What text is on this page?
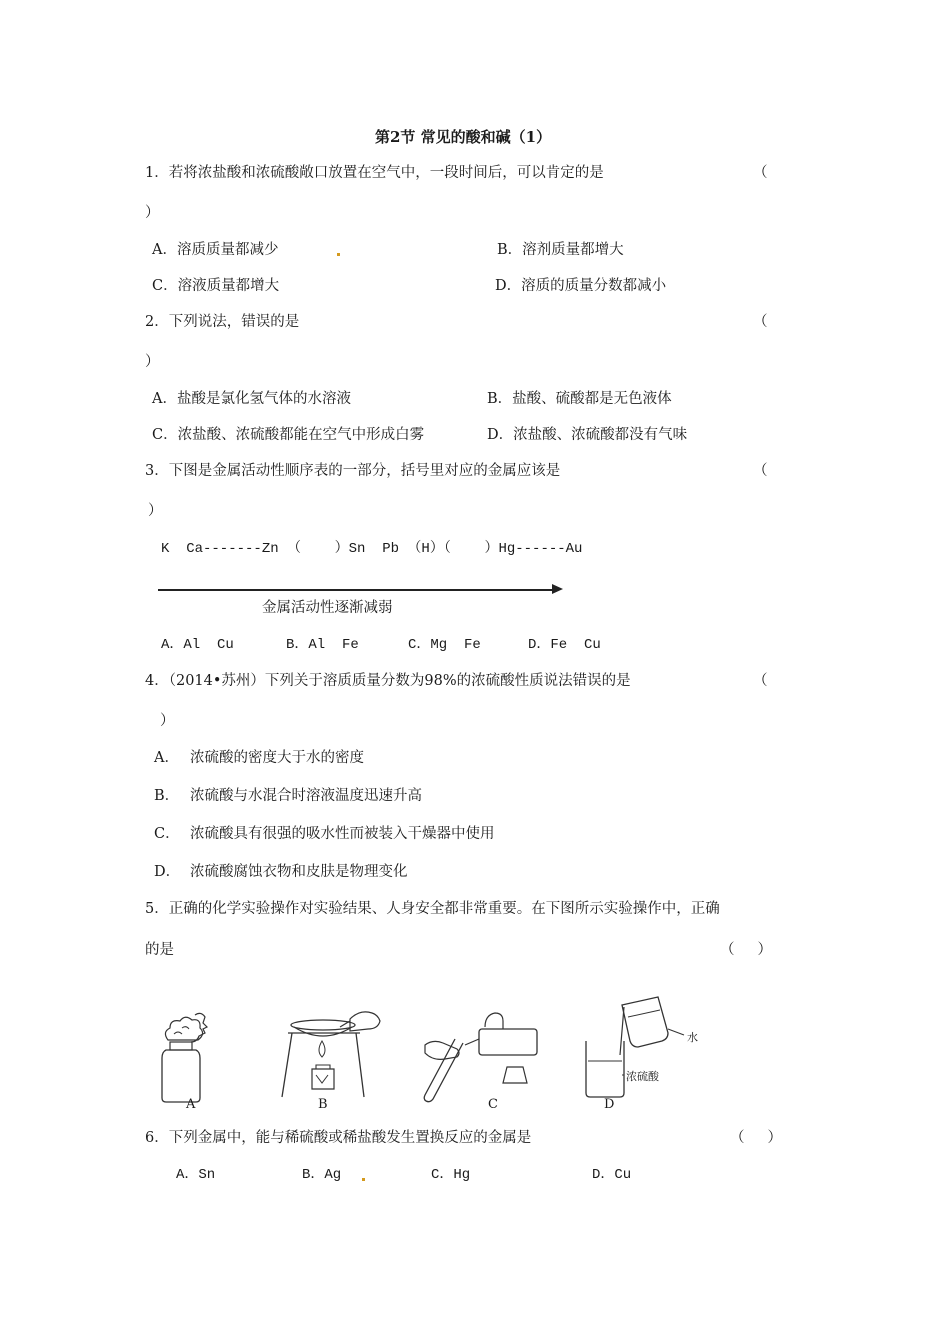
第2节 常见的酸和碱（1）
1．若将浓盐酸和浓硫酸敞口放置在空气中，一段时间后，可以肯定的是	（
）
A．溶质质量都减少	B．溶剂质量都增大
C．溶液质量都增大	D．溶质的质量分数都减小
2．下列说法，错误的是	（
）
A．盐酸是氯化氢气体的水溶液	B．盐酸、硫酸都是无色液体
C．浓盐酸、浓硫酸都能在空气中形成白雾	D．浓盐酸、浓硫酸都没有气味
3．下图是金属活动性顺序表的一部分，括号里对应的金属应该是	（
）
K  Ca-------Zn （    ）Sn  Pb （H）（    ）Hg------Au
金属活动性逐渐减弱
A．Al  Cu	B．Al  Fe	C．Mg  Fe	D．Fe  Cu
4．（2014•苏州）下列关于溶质质量分数为98%的浓硫酸性质说法错误的是	（
）
A． 浓硫酸的密度大于水的密度
B． 浓硫酸与水混合时溶液温度迅速升高
C． 浓硫酸具有很强的吸水性而被装入干燥器中使用
D． 浓硫酸腐蚀衣物和皮肤是物理变化
5．正确的化学实验操作对实验结果、人身安全都非常重要。在下图所示实验操作中，正确
的是	（     ）
A	B	C
水
浓硫酸
D
6．下列金属中，能与稀硫酸或稀盐酸发生置换反应的金属是	（     ）
A．Sn	B．Ag	C．Hg	D．Cu
